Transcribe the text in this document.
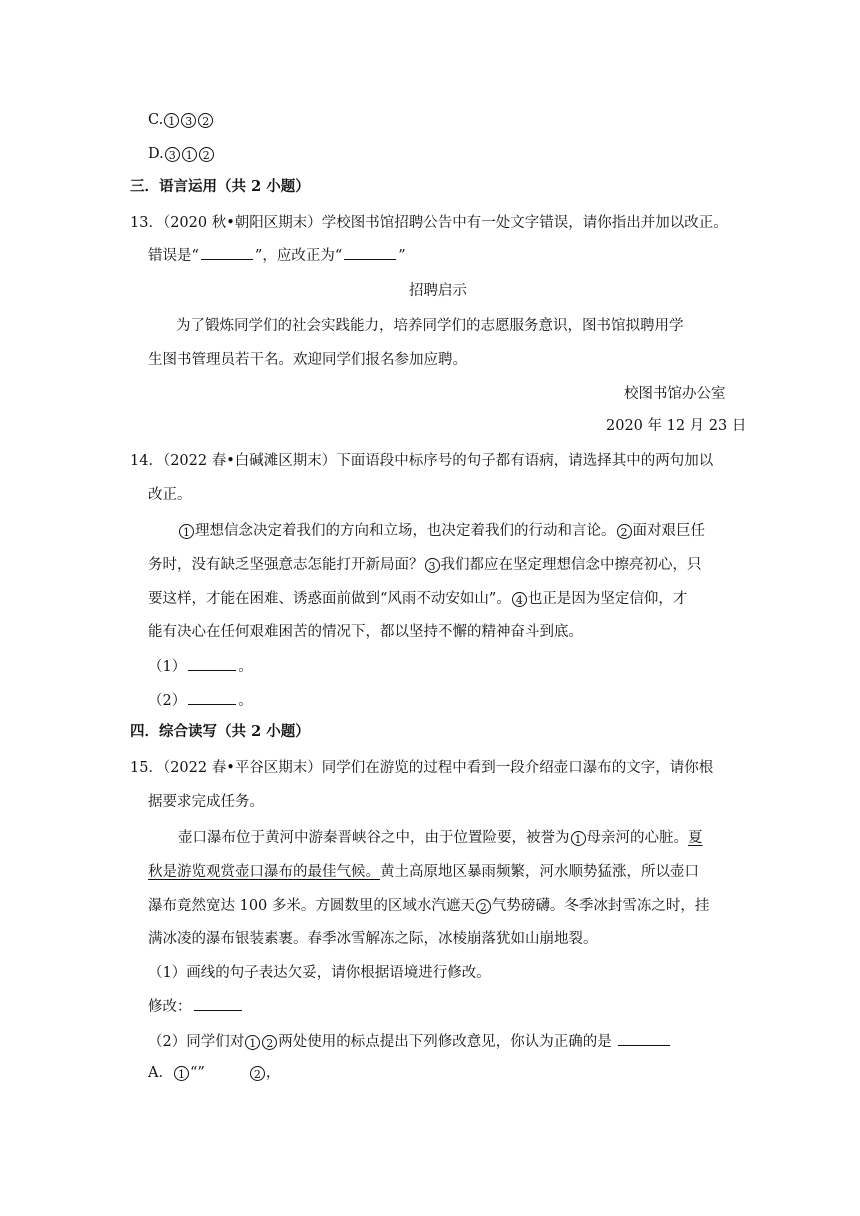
C. 1 3 2
D. 3 1 2
三．语言运用（共 2 小题）
13．（2020 秋•朝阳区期末）学校图书馆招聘公告中有一处文字错误，请你指出并加以改正。
错误是“	”，应改正为“	”
招聘启示
为了锻炼同学们的社会实践能力，培养同学们的志愿服务意识，图书馆拟聘用学
生图书管理员若干名。欢迎同学们报名参加应聘。
校图书馆办公室
2020 年 12 月 23 日
14．（2022 春•白碱滩区期末）下面语段中标序号的句子都有语病，请选择其中的两句加以
改正。
1 理想信念决定着我们的方向和立场，也决定着我们的行动和言论。 2 面对艰巨任
务时，没有缺乏坚强意志怎能打开新局面？ 3 我们都应在坚定理想信念中擦亮初心，只
要这样，才能在困难、诱惑面前做到“风雨不动安如山”。 4 也正是因为坚定信仰，才
能有决心在任何艰难困苦的情况下，都以坚持不懈的精神奋斗到底。
（1）	。
（2）	。
四．综合读写（共 2 小题）
15．（2022 春•平谷区期末）同学们在游览的过程中看到一段介绍壶口瀑布的文字，请你根
据要求完成任务。
壶口瀑布位于黄河中游秦晋峡谷之中，由于位置险要，被誉为 1 母亲河的心脏。夏
秋是游览观赏壶口瀑布的最佳气候。黄土高原地区暴雨频繁，河水顺势猛涨，所以壶口
瀑布竟然宽达 100 多米。方圆数里的区域水汽遮天 2 气势磅礴。冬季冰封雪冻之时，挂
满冰凌的瀑布银装素裹。春季冰雪解冻之际，冰棱崩落犹如山崩地裂。
（1）画线的句子表达欠妥，请你根据语境进行修改。
修改：
（2）同学们对 1 2 两处使用的标点提出下列修改意见，你认为正确的是
A． 1 “”	2 ，
